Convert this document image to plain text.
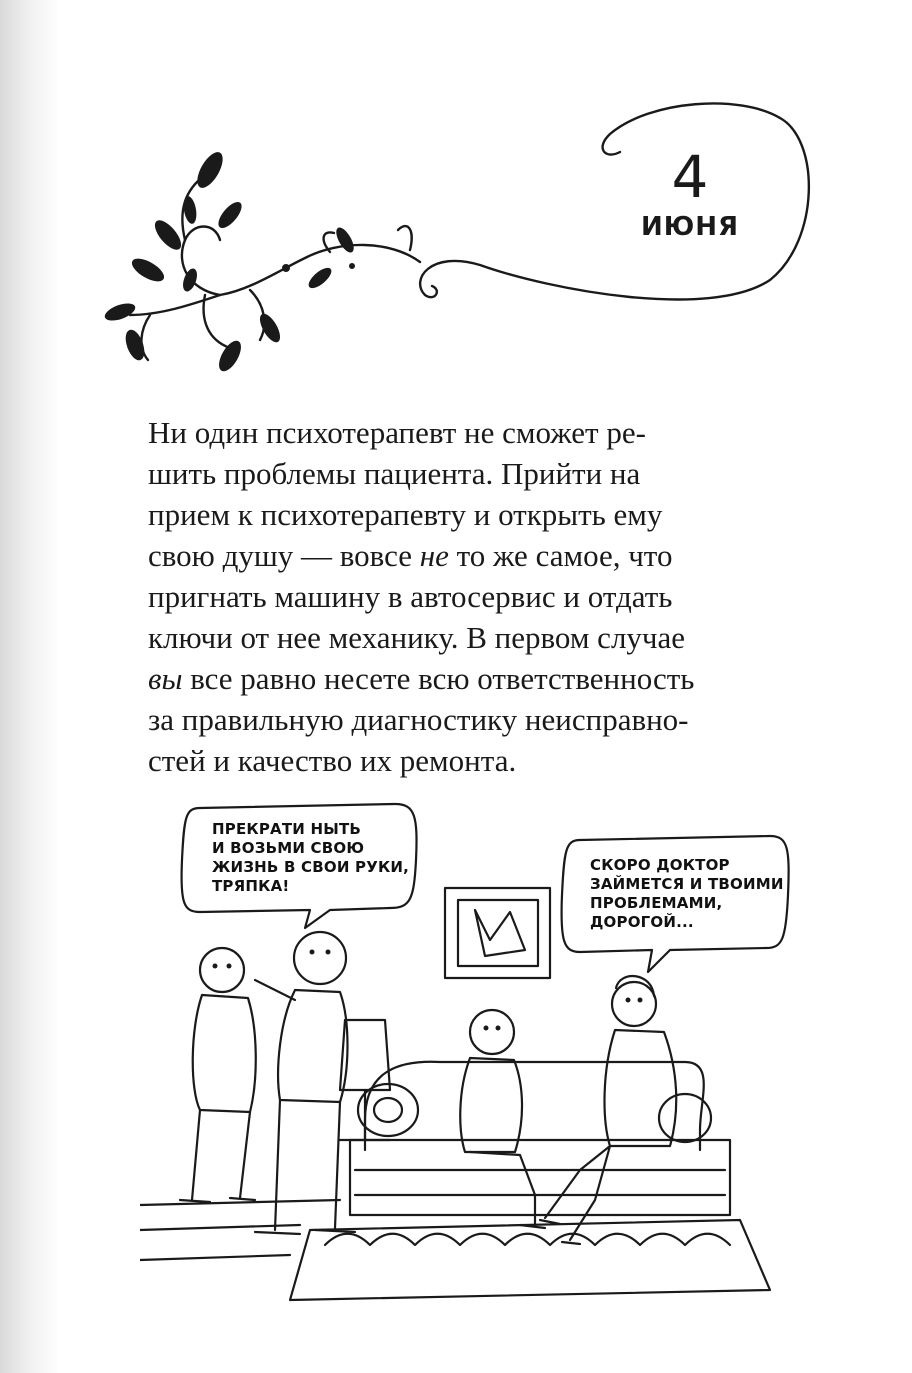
4
ИЮНЯ
Ни один психотерапевт не сможет ре-
шить проблемы пациента. Прийти на
прием к психотерапевту и открыть ему
свою душу — вовсе не то же самое, что
пригнать машину в автосервис и отдать
ключи от нее механику. В первом случае
вы все равно несете всю ответственность
за правильную диагностику неисправно-
стей и качество их ремонта.
ПРЕКРАТИ НЫТЬ
И ВОЗЬМИ СВОЮ
ЖИЗНЬ В СВОИ РУКИ,
ТРЯПКА!
СКОРО ДОКТОР
ЗАЙМЕТСЯ И ТВОИМИ
ПРОБЛЕМАМИ,
ДОРОГОЙ...
